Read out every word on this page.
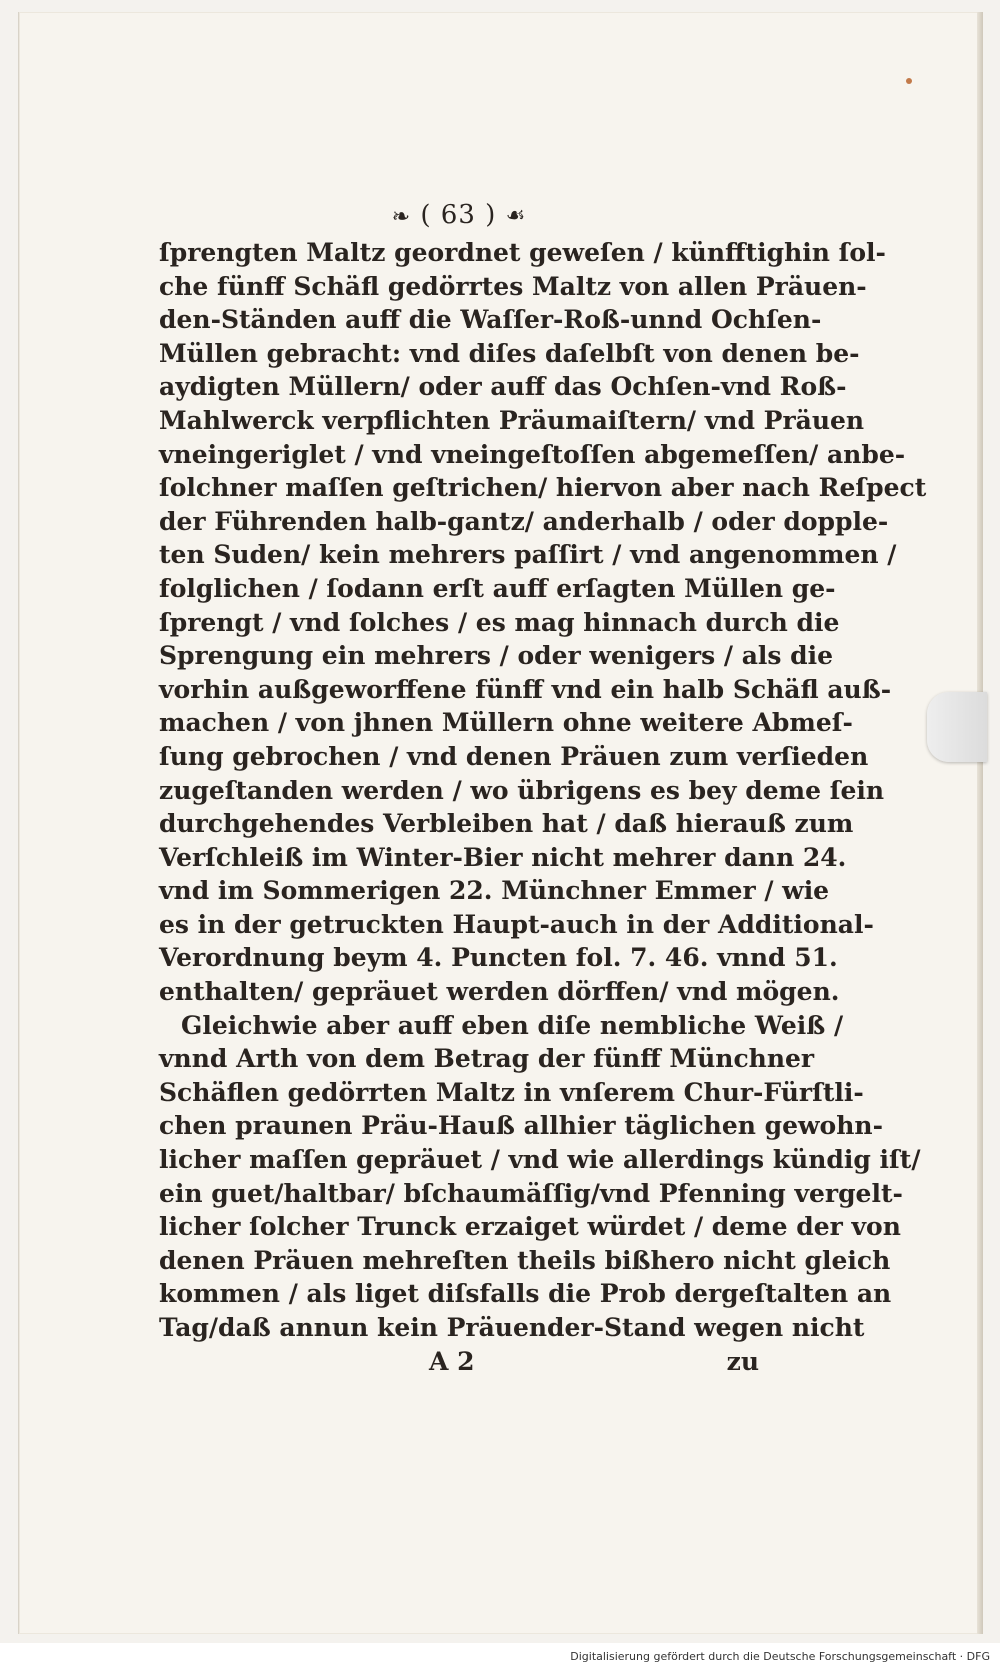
❧ ( 63 ) ☙
ſprengten Maltz geordnet geweſen / künfftighin ſol-
che fünff Schäfl gedörrtes Maltz von allen Präuen-
den-Ständen auff die Waſſer-Roß-unnd Ochſen-
Müllen gebracht: vnd diſes daſelbſt von denen be-
aydigten Müllern/ oder auff das Ochſen-vnd Roß-
Mahlwerck verpflichten Präumaiſtern/ vnd Präuen
vneingeriglet / vnd vneingeſtoſſen abgemeſſen/ anbe-
ſolchner maſſen geſtrichen/ hiervon aber nach Reſpect
der Führenden halb-gantz/ anderhalb / oder dopple-
ten Suden/ kein mehrers paſſirt / vnd angenommen /
folglichen / ſodann erſt auff erſagten Müllen ge-
ſprengt / vnd ſolches / es mag hinnach durch die
Sprengung ein mehrers / oder wenigers / als die
vorhin außgeworffene fünff vnd ein halb Schäfl auß-
machen / von jhnen Müllern ohne weitere Abmeſ-
ſung gebrochen / vnd denen Präuen zum verſieden
zugeſtanden werden / wo übrigens es bey deme ſein
durchgehendes Verbleiben hat / daß hierauß zum
Verſchleiß im Winter-Bier nicht mehrer dann 24.
vnd im Sommerigen 22. Münchner Emmer / wie
es in der getruckten Haupt-auch in der Additional-
Verordnung beym 4. Puncten fol. 7. 46. vnnd 51.
enthalten/ gepräuet werden dörffen/ vnd mögen.
Gleichwie aber auff eben diſe nembliche Weiß /
vnnd Arth von dem Betrag der fünff Münchner
Schäflen gedörrten Maltz in vnſerem Chur-Fürſtli-
chen praunen Präu-Hauß allhier täglichen gewohn-
licher maſſen gepräuet / vnd wie allerdings kündig iſt/
ein guet/haltbar/ bſchaumäſſig/vnd Pfenning vergelt-
licher ſolcher Trunck erzaiget würdet / deme der von
denen Präuen mehreſten theils bißhero nicht gleich
kommen / als liget diſsfalls die Prob dergeſtalten an
Tag/daß annun kein Präuender-Stand wegen nicht
A 2	zu
Digitalisierung gefördert durch die Deutsche Forschungsgemeinschaft · DFG
